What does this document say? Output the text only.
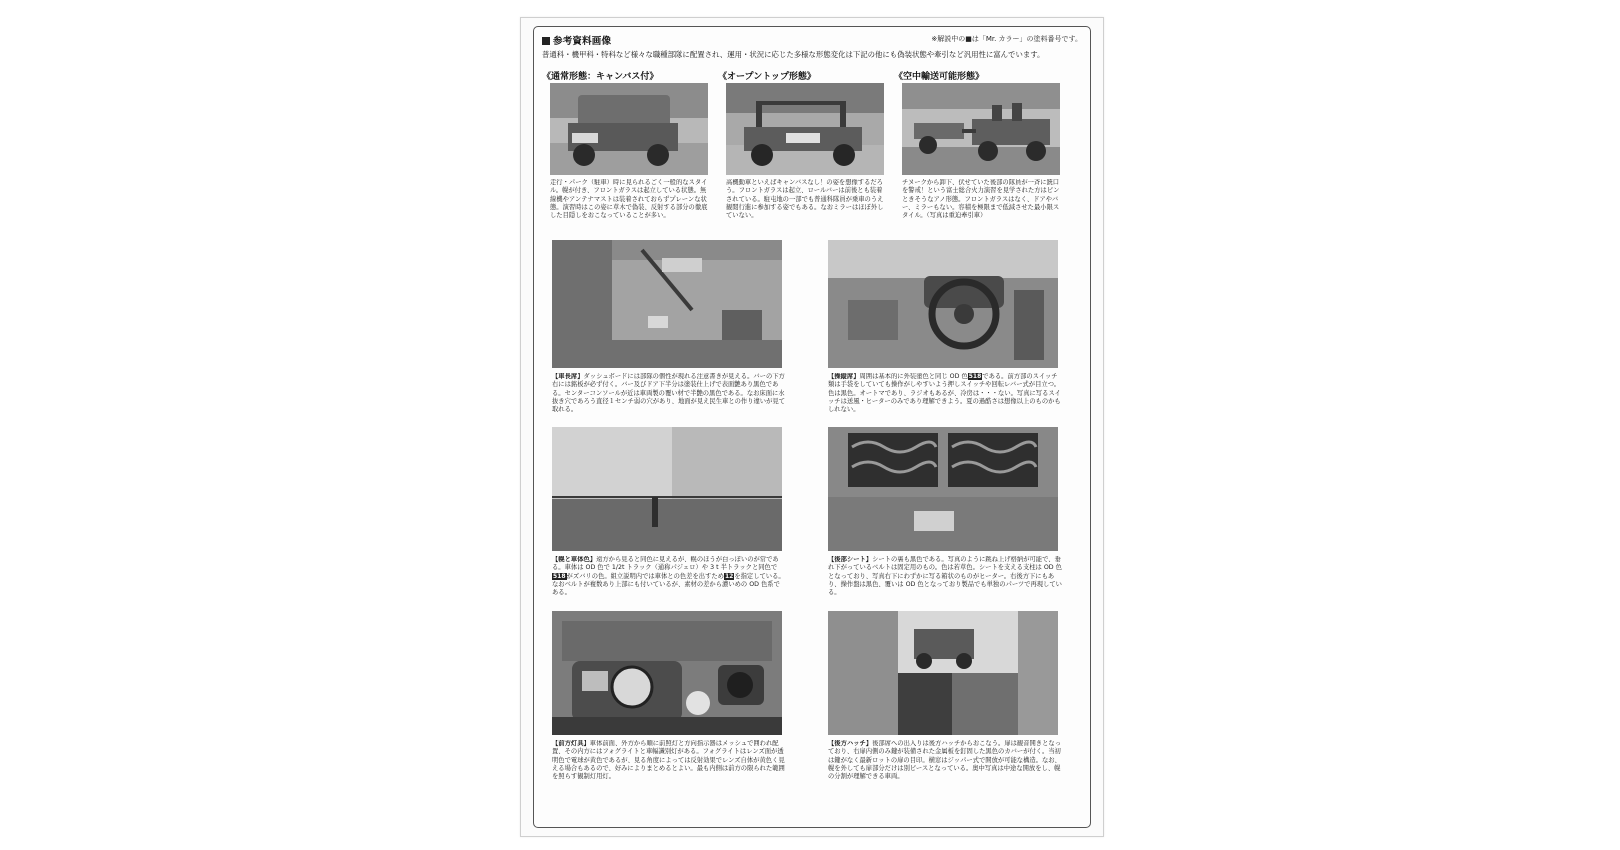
参考資料画像	※解説中の■は「Mr. カラー」の塗料番号です。
普通科・機甲科・特科など様々な職種部隊に配置され、運用・状況に応じた多様な形態変化は下記の他にも偽装状態や牽引など汎用性に富んでいます。
《通常形態：キャンバス付》	《オープントップ形態》	《空中輸送可能形態》
走行・パーク（駐車）時に見られるごく一般的なスタイル。幌が付き、フロントガラスは起立している状態。無線機やアンテナマストは装着されておらずプレーンな状態。演習時はこの姿に草木で偽装、反射する部分の徹底した目隠しをおこなっていることが多い。
高機動車といえばキャンバスなし！の姿を想像するだろう。フロントガラスは起立、ロールバーは前後とも装着されている。駐屯地の一部でも普通科隊員が乗車のうえ観閲行進に参加する姿でもある。なおミラーはほぼ外していない。
チヌークから卸下、伏せていた後部の隊員が一斉に銃口を警戒！という富士総合火力演習を見学された方はピンときそうなアノ形態。フロントガラスはなく、ドアやバー、ミラーもない。容積を極限まで低減させた最小限スタイル。（写真は重迫牽引車）
【車長席】ダッシュボードには部隊の個性が現れる注意書きが見える。バーの下方右には銘板が必ず付く。バー及びドア下半分は塗装仕上げで表面艶あり黒色である。センターコンソールが近は車両製の覆い材で半艶の黒色である。なお床面に水抜き穴であろう直径１センチ弱の穴があり、地面が見え民生車との作り違いが見て取れる。
【操縦席】周囲は基本的に外装塗色と同じ OD 色518である。前方部のスイッチ類は手袋をしていても操作がしやすいよう押しスイッチや回転レバー式が目立つ。色は黒色。オートマであり、ラジオもあるが、冷房は・・・ない。写真に写るスイッチは送風・ヒーターのみであり理解できよう。夏の過酷さは想像以上のものかもしれない。
【幌と車体色】遠方から見ると同色に見えるが、幌のほうが白っぽいのが常である。車体は OD 色で 1/2t トラック（通称パジェロ）や 3 t 半トラックと同色で518がズバリの色。組立説明内では車体との色差を出すため12を指定している。なおベルトが複数あり上部にも付いているが、素材の差から濃いめの OD 色系である。
【後部シート】シートの裏も黒色である。写真のように跳ね上げ格納が可能で、垂れ下がっているベルトは固定用のもの。色は若草色。シートを支える支柱は OD 色となっており、写真右下にわずかに写る箱状のものがヒーター。右後方下にもあり、操作盤は黒色、覆いは OD 色となっており製品でも単独のパーツで再現している。
【前方灯具】車体前面、外方から順に前照灯と方向指示器はメッシュで囲われ配置、その内方にはフォグライトと車幅識別灯がある。フォグライトはレンズ面が透明色で電球が黄色であるが、見る角度によっては反射効果でレンズ自体が黄色く見える場合もあるので、好みによりまとめるとよい。最も内側は前方の限られた範囲を照らす観制灯用灯。
【後方ハッチ】後部席への出入りは後方ハッチからおこなう。扉は観音開きとなっており、右扉内側のみ鍵が装備された金属板を釘固した黒色のカバーが付く。当初は鍵がなく最新ロットの扉の目印。横窓はジッパー式で開放が可能な構造。なお、幌を外しても扉部分だけは別ピースとなっている。奥中写真は中途な開放をし、幌の分割が理解できる車両。
